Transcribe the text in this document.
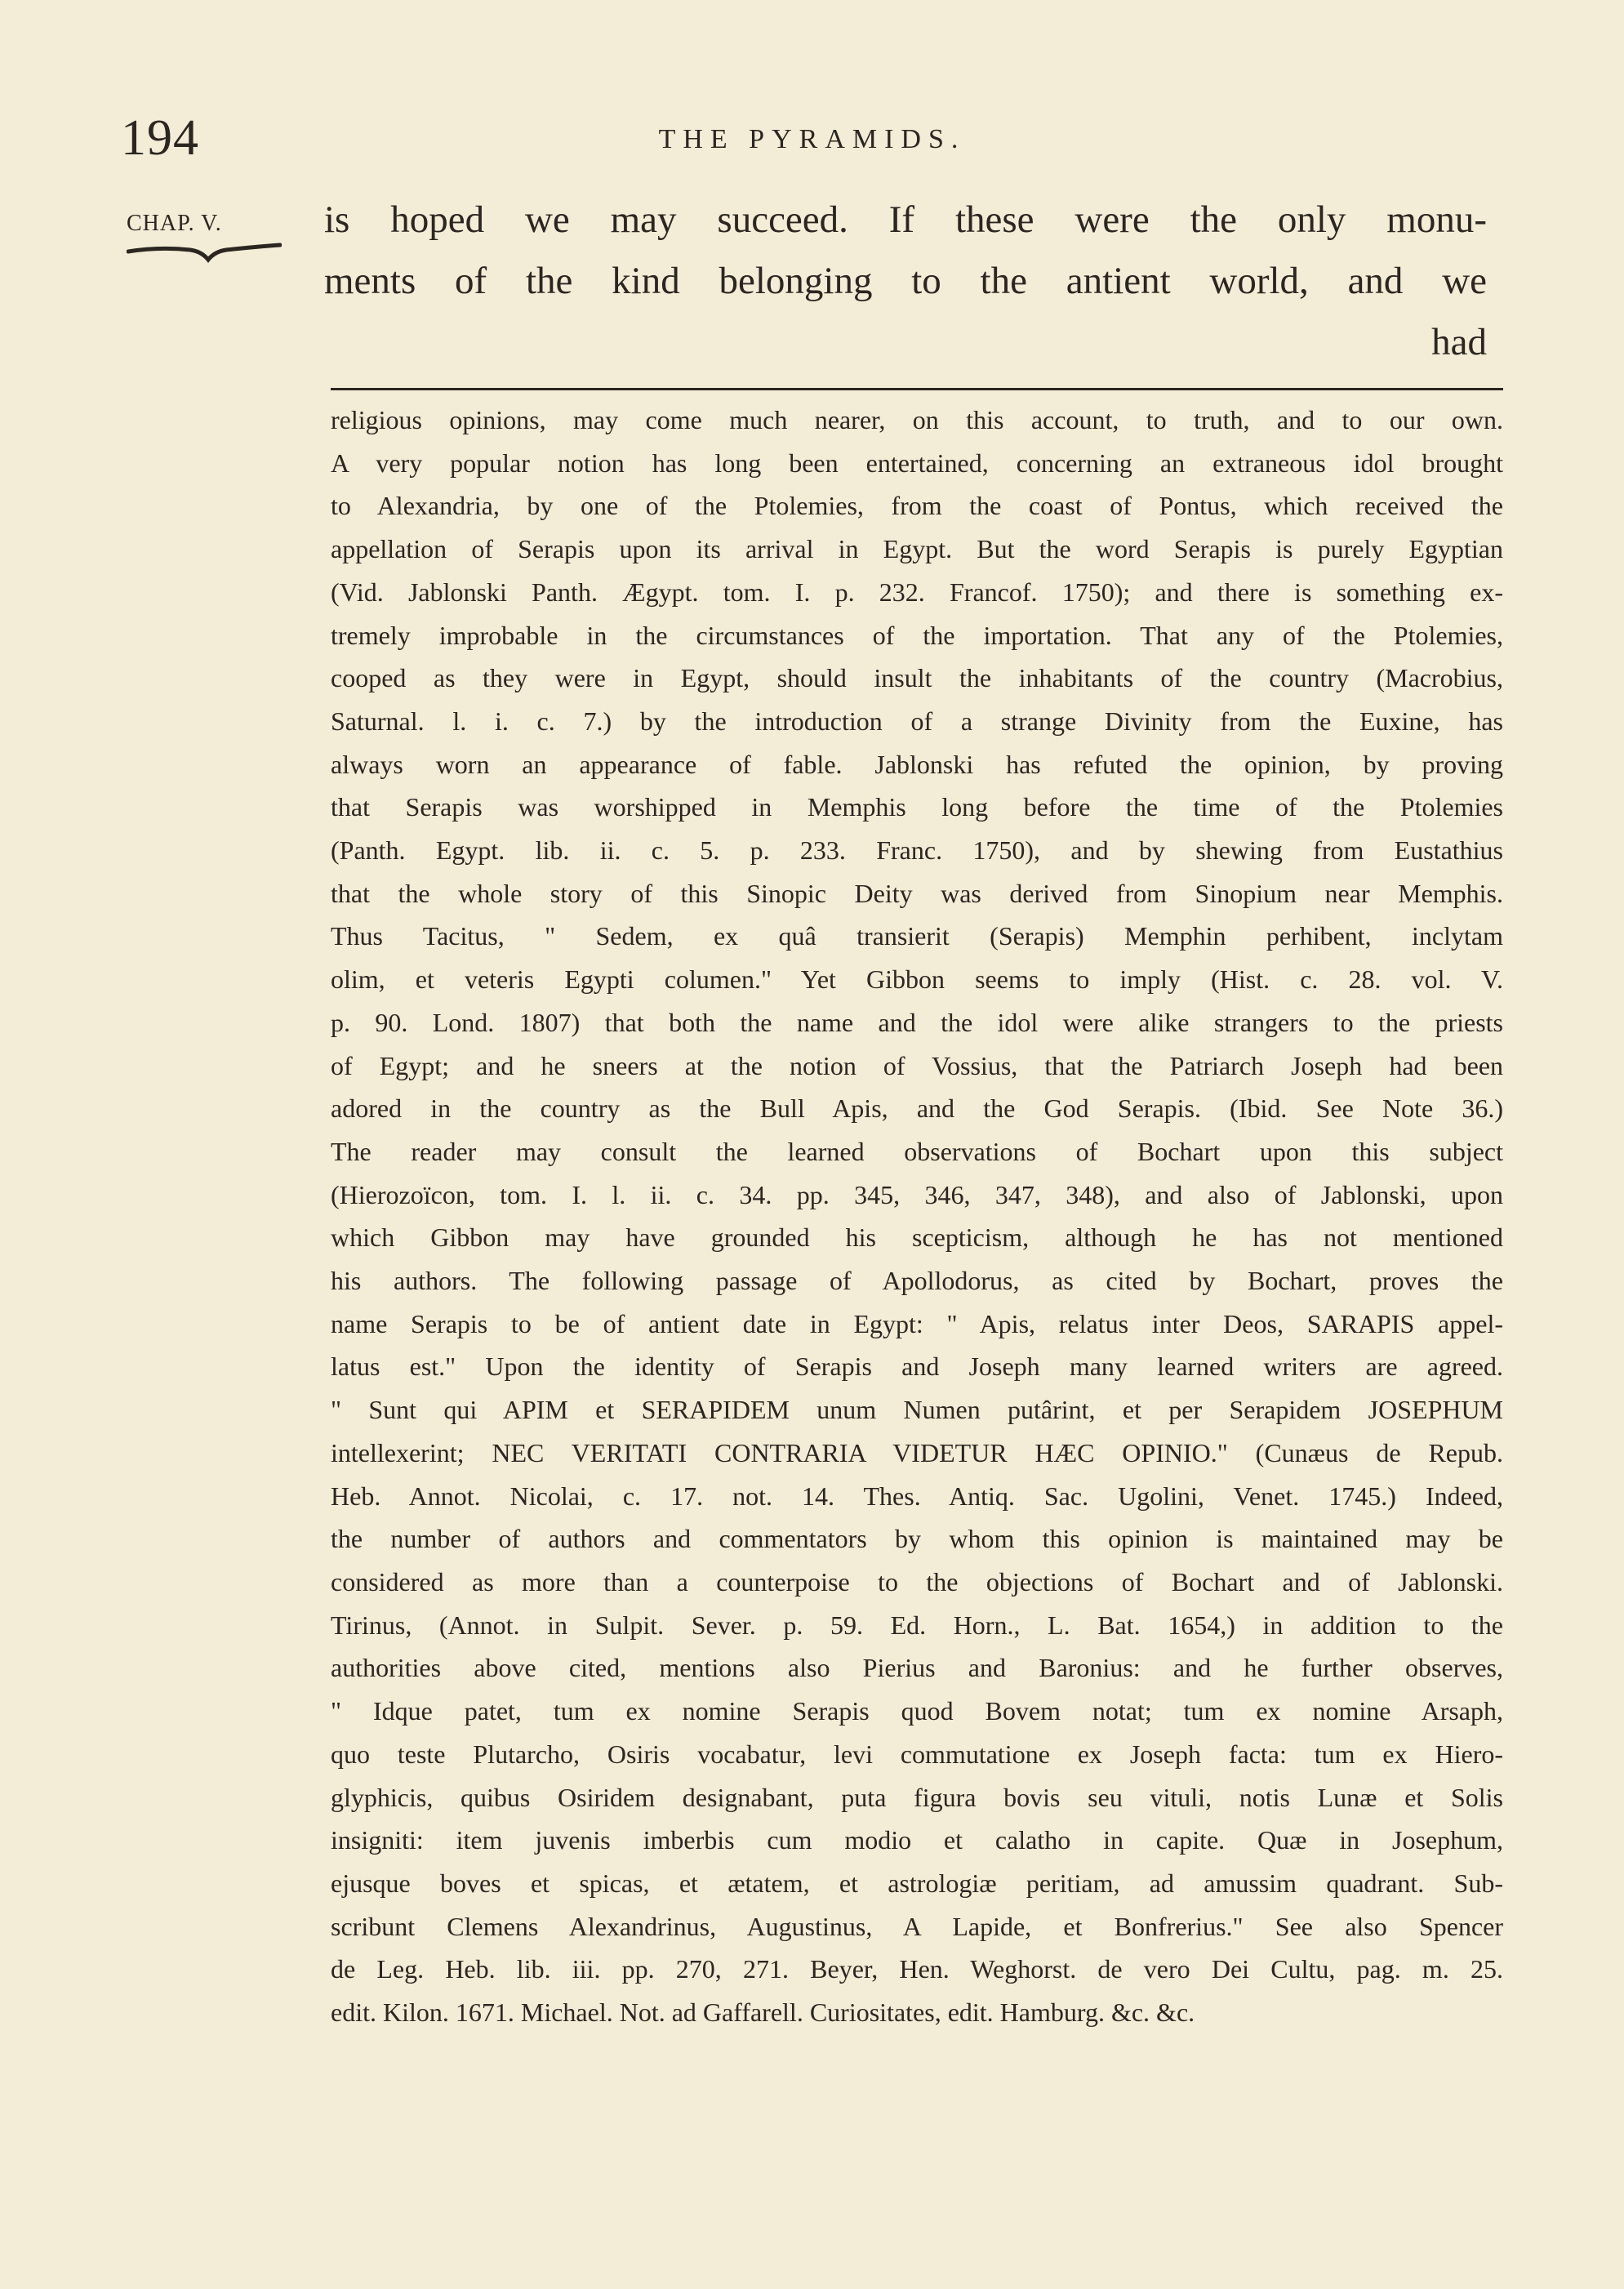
194	THE PYRAMIDS.
CHAP. V.	is hoped we may succeed. If these were the only monu-
ments of the kind belonging to the antient world, and we
had
religious opinions, may come much nearer, on this account, to truth, and to our own.
A very popular notion has long been entertained, concerning an extraneous idol brought
to Alexandria, by one of the Ptolemies, from the coast of Pontus, which received the
appellation of Serapis upon its arrival in Egypt. But the word Serapis is purely Egyptian
(Vid. Jablonski Panth. Ægypt. tom. I. p. 232. Francof. 1750); and there is something ex-
tremely improbable in the circumstances of the importation. That any of the Ptolemies,
cooped as they were in Egypt, should insult the inhabitants of the country (Macrobius,
Saturnal. l. i. c. 7.) by the introduction of a strange Divinity from the Euxine, has
always worn an appearance of fable. Jablonski has refuted the opinion, by proving
that Serapis was worshipped in Memphis long before the time of the Ptolemies
(Panth. Egypt. lib. ii. c. 5. p. 233. Franc. 1750), and by shewing from Eustathius
that the whole story of this Sinopic Deity was derived from Sinopium near Memphis.
Thus Tacitus, " Sedem, ex quâ transierit (Serapis) Memphin perhibent, inclytam
olim, et veteris Egypti columen." Yet Gibbon seems to imply (Hist. c. 28. vol. V.
p. 90. Lond. 1807) that both the name and the idol were alike strangers to the priests
of Egypt; and he sneers at the notion of Vossius, that the Patriarch Joseph had been
adored in the country as the Bull Apis, and the God Serapis. (Ibid. See Note 36.)
The reader may consult the learned observations of Bochart upon this subject
(Hierozoïcon, tom. I. l. ii. c. 34. pp. 345, 346, 347, 348), and also of Jablonski, upon
which Gibbon may have grounded his scepticism, although he has not mentioned
his authors. The following passage of Apollodorus, as cited by Bochart, proves the
name Serapis to be of antient date in Egypt: " Apis, relatus inter Deos, SARAPIS appel-
latus est." Upon the identity of Serapis and Joseph many learned writers are agreed.
" Sunt qui APIM et SERAPIDEM unum Numen putârint, et per Serapidem JOSEPHUM
intellexerint; NEC VERITATI CONTRARIA VIDETUR HÆC OPINIO." (Cunæus de Repub.
Heb. Annot. Nicolai, c. 17. not. 14. Thes. Antiq. Sac. Ugolini, Venet. 1745.) Indeed,
the number of authors and commentators by whom this opinion is maintained may be
considered as more than a counterpoise to the objections of Bochart and of Jablonski.
Tirinus, (Annot. in Sulpit. Sever. p. 59. Ed. Horn., L. Bat. 1654,) in addition to the
authorities above cited, mentions also Pierius and Baronius: and he further observes,
" Idque patet, tum ex nomine Serapis quod Bovem notat; tum ex nomine Arsaph,
quo teste Plutarcho, Osiris vocabatur, levi commutatione ex Joseph facta: tum ex Hiero-
glyphicis, quibus Osiridem designabant, puta figura bovis seu vituli, notis Lunæ et Solis
insigniti: item juvenis imberbis cum modio et calatho in capite. Quæ in Josephum,
ejusque boves et spicas, et ætatem, et astrologiæ peritiam, ad amussim quadrant. Sub-
scribunt Clemens Alexandrinus, Augustinus, A Lapide, et Bonfrerius." See also Spencer
de Leg. Heb. lib. iii. pp. 270, 271. Beyer, Hen. Weghorst. de vero Dei Cultu, pag. m. 25.
edit. Kilon. 1671. Michael. Not. ad Gaffarell. Curiositates, edit. Hamburg. &c. &c.
